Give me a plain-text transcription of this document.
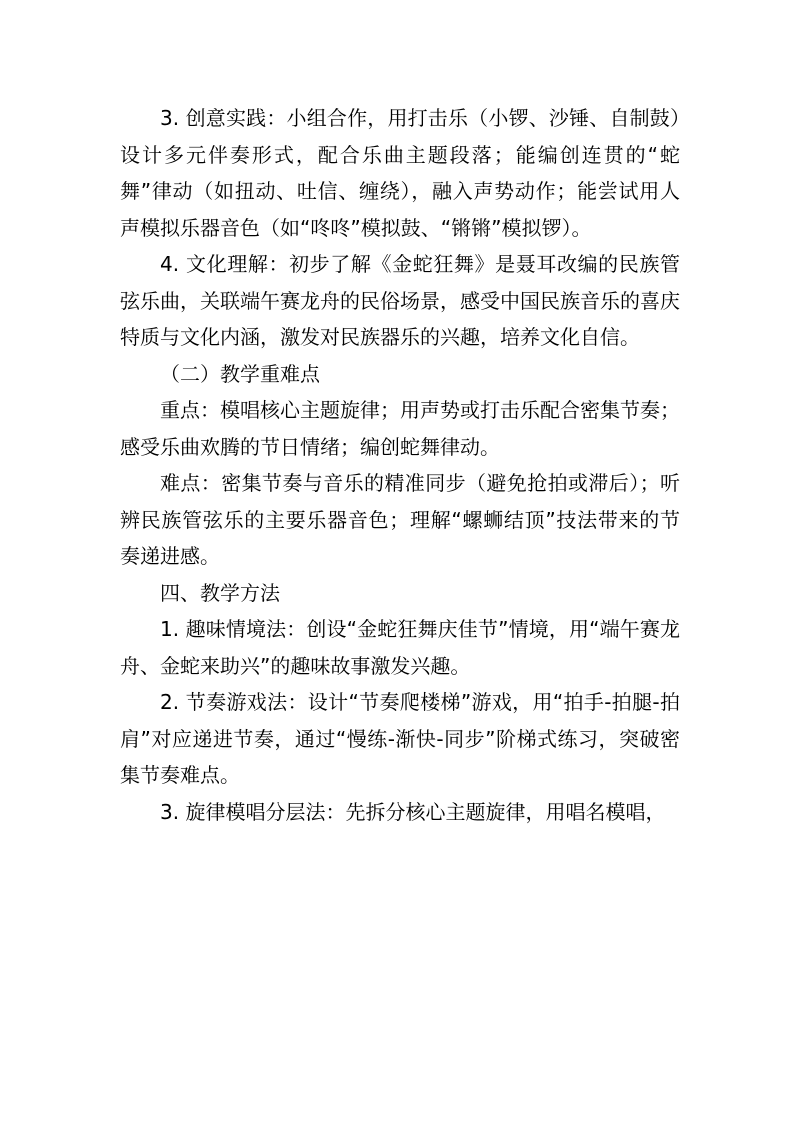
3. 创意实践：小组合作，用打击乐（小锣、沙锤、自制鼓）设计多元伴奏形式，配合乐曲主题段落；能编创连贯的“蛇舞”律动（如扭动、吐信、缠绕），融入声势动作；能尝试用人声模拟乐器音色（如“咚咚”模拟鼓、“锵锵”模拟锣）。

4. 文化理解：初步了解《金蛇狂舞》是聂耳改编的民族管弦乐曲，关联端午赛龙舟的民俗场景，感受中国民族音乐的喜庆特质与文化内涵，激发对民族器乐的兴趣，培养文化自信。

（二）教学重难点

重点：模唱核心主题旋律；用声势或打击乐配合密集节奏；感受乐曲欢腾的节日情绪；编创蛇舞律动。

难点：密集节奏与音乐的精准同步（避免抢拍或滞后）；听辨民族管弦乐的主要乐器音色；理解“螺蛳结顶”技法带来的节奏递进感。

四、教学方法

1. 趣味情境法：创设“金蛇狂舞庆佳节”情境，用“端午赛龙舟、金蛇来助兴”的趣味故事激发兴趣。

2. 节奏游戏法：设计“节奏爬楼梯”游戏，用“拍手-拍腿-拍肩”对应递进节奏，通过“慢练-渐快-同步”阶梯式练习，突破密集节奏难点。

3. 旋律模唱分层法：先拆分核心主题旋律，用唱名模唱，
